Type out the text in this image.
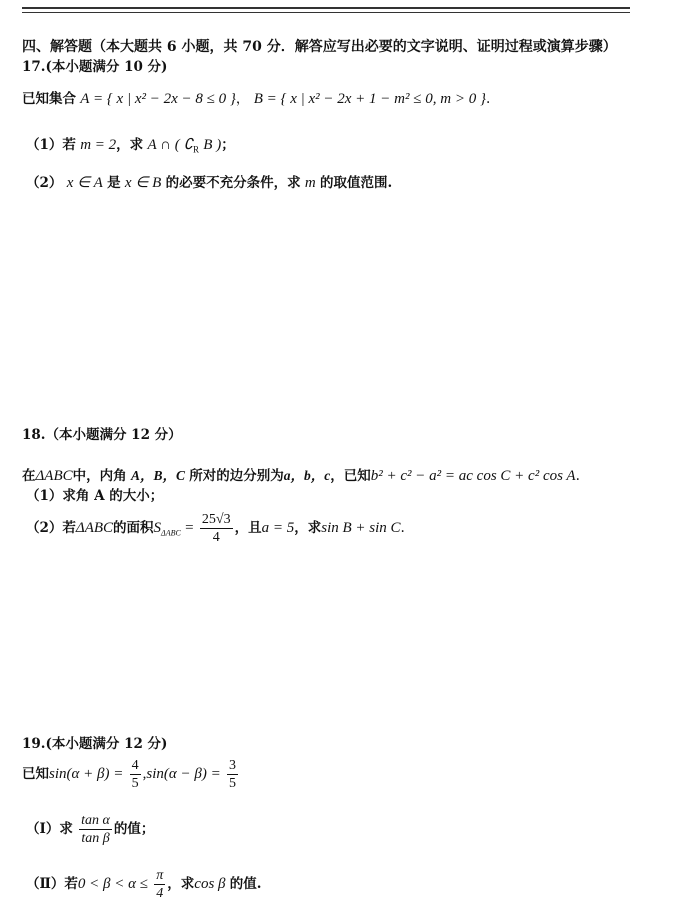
四、解答题（本大题共 6 小题，共 70 分．解答应写出必要的文字说明、证明过程或演算步骤）
17.(本小题满分 10 分)
已知集合 A = { x | x² − 2x − 8 ≤ 0 }， B = { x | x² − 2x + 1 − m² ≤ 0, m > 0 }.
（1）若 m = 2，求 A ∩ ( $∁_R$ B )；
（2） x ∈ A 是 x ∈ B 的必要不充分条件，求 m 的取值范围.
18.（本小题满分 12 分）
在ΔABC中，内角 A，B，C 所对的边分别为a，b，c，已知b² + c² − a² = ac cos C + c² cos A.
（1）求角 A 的大小；
（2）若ΔABC的面积$S_{\Delta ABC} = \frac{25√3}{4}$ ，且a = 5，求sin B + sin C.
19.(本小题满分 12 分)
已知$\sin(\alpha + \beta) = \frac{4}{5} ,\sin(\alpha - \beta) = \frac{3}{5}$
（Ⅰ）求 $\frac{\text{tan α}}{\text{tan β}}$ 的值；
（Ⅱ）若$0 < \beta < \alpha \le \frac{\pi}{4}$ ，求cos β 的值.
